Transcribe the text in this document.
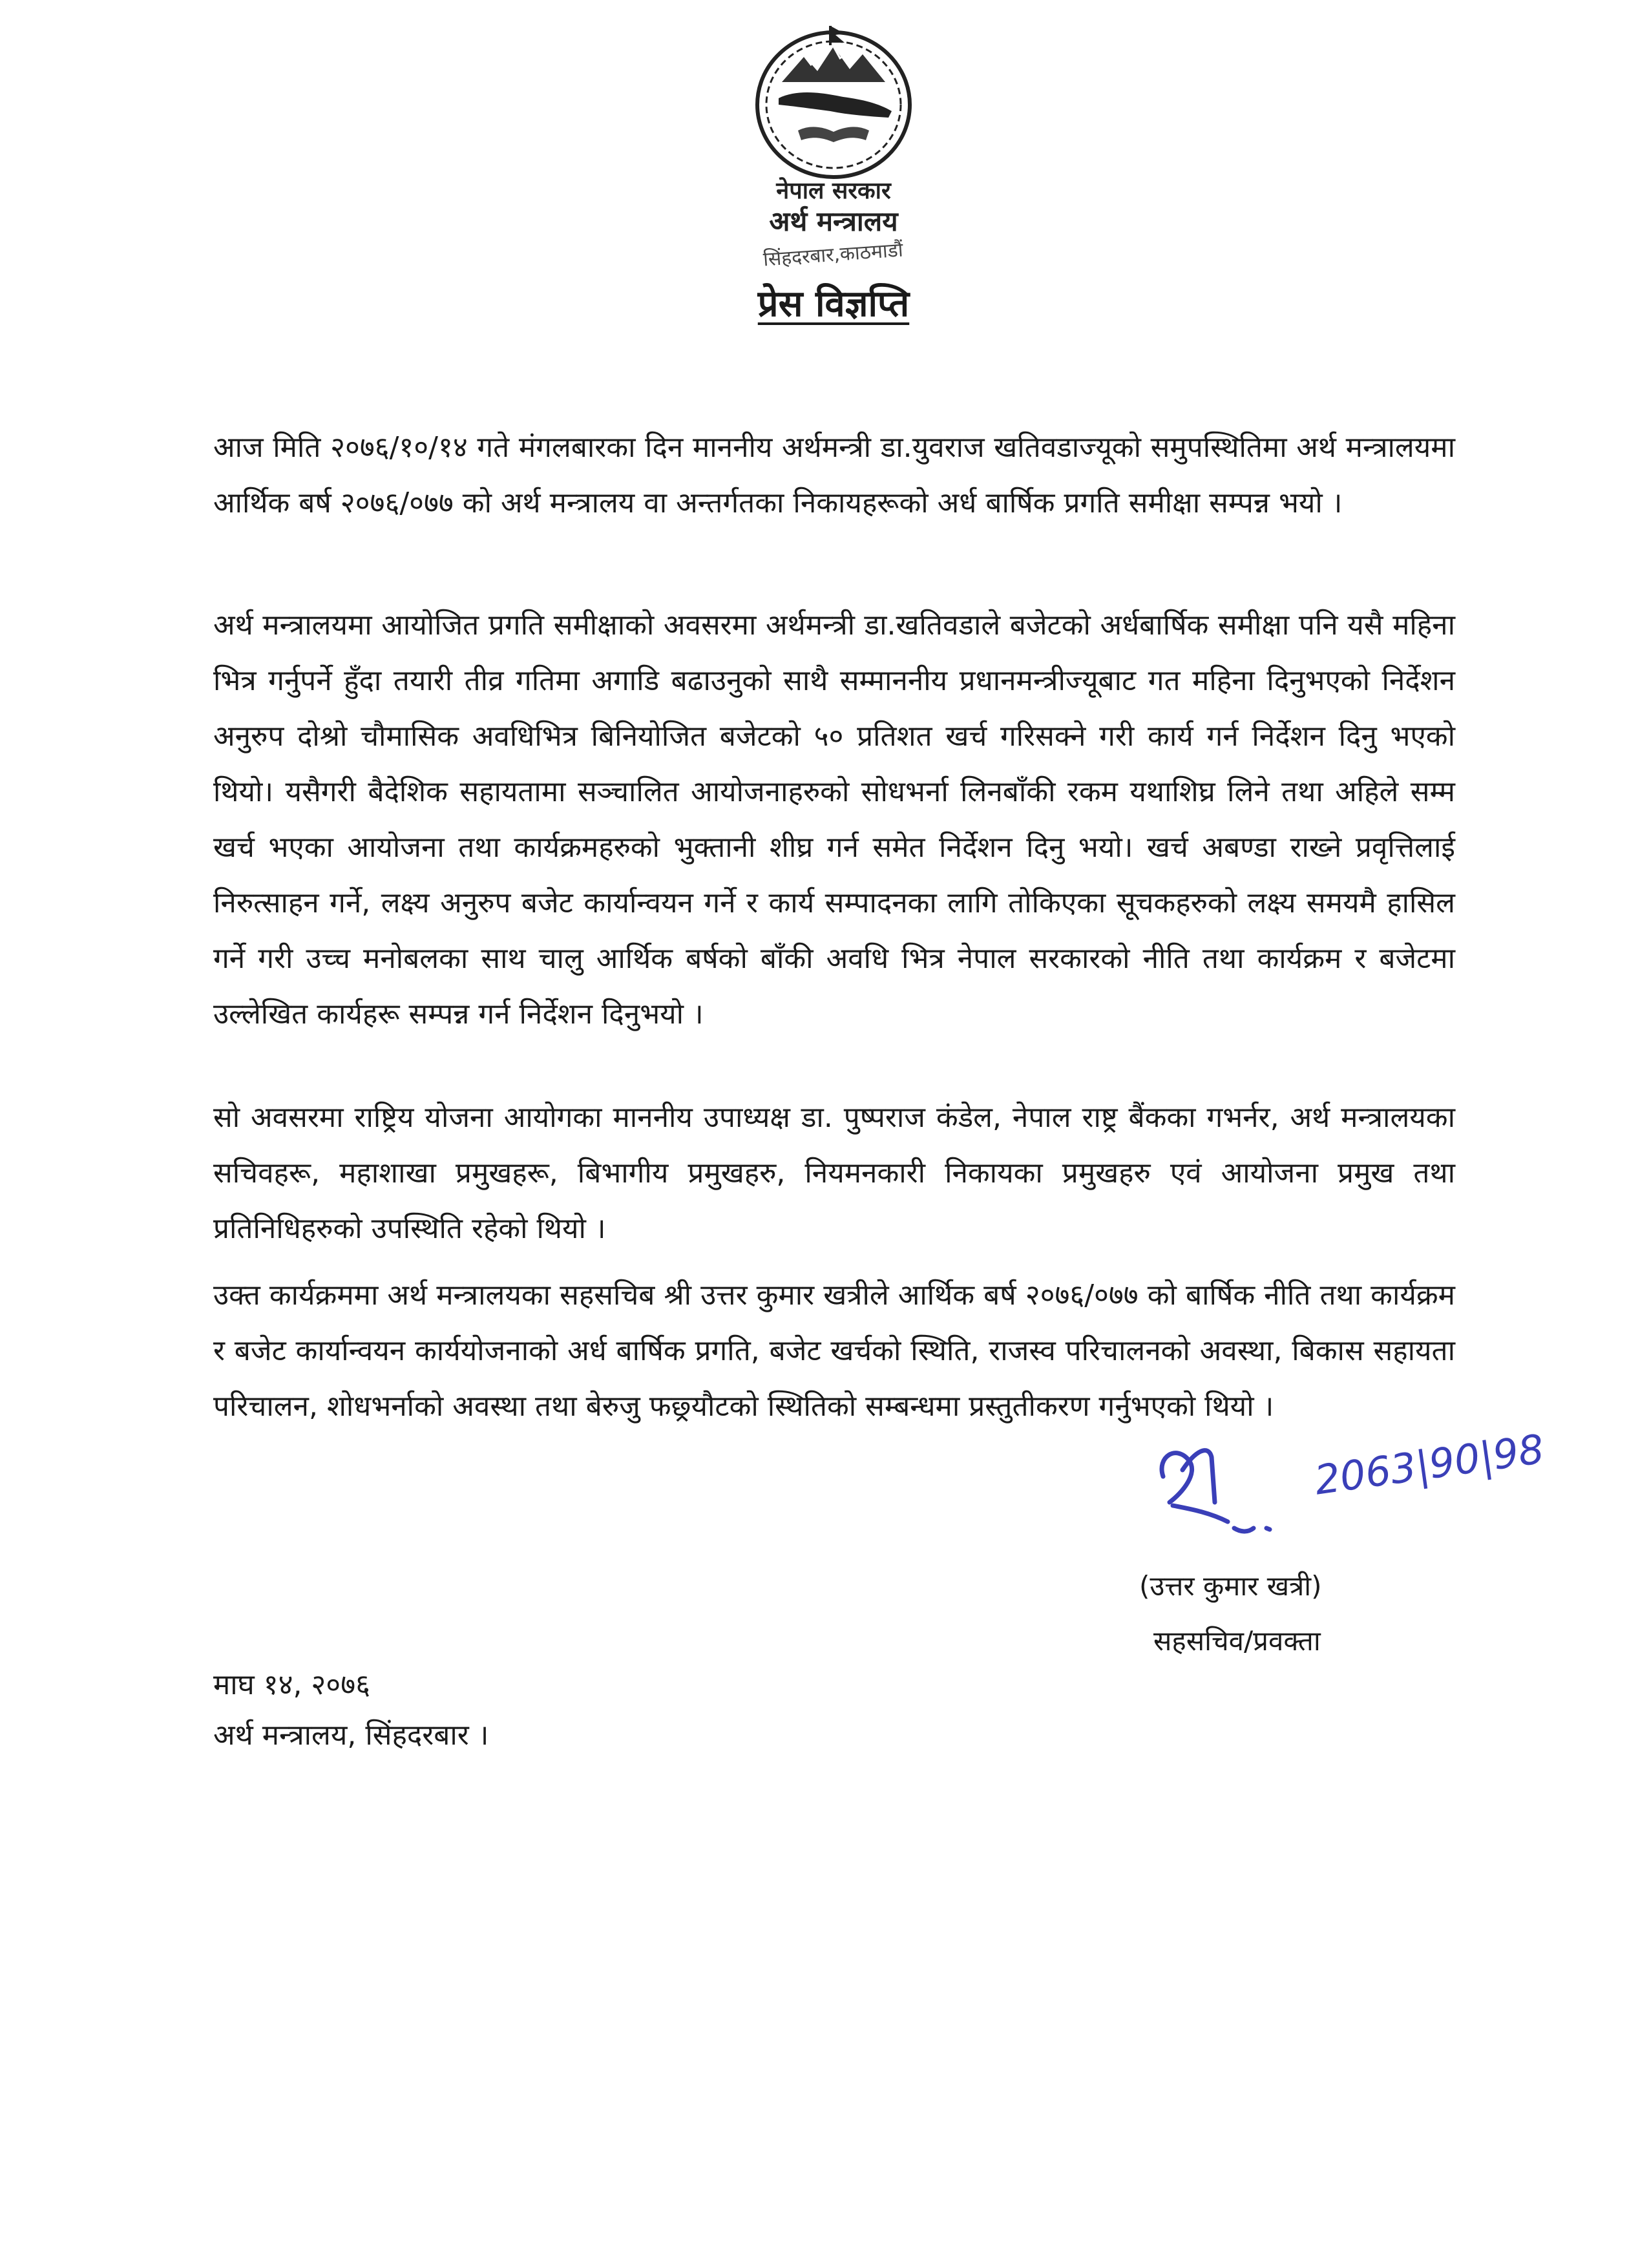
नेपाल सरकार
अर्थ मन्त्रालय
सिंहदरबार,काठमाडौं
प्रेस विज्ञप्ति
आज मिति २०७६/१०/१४ गते मंगलबारका दिन माननीय अर्थमन्त्री डा.युवराज खतिवडाज्यूको समुपस्थितिमा अर्थ मन्त्रालयमा आर्थिक बर्ष २०७६/०७७ को अर्थ मन्त्रालय वा अन्तर्गतका निकायहरूको अर्ध बार्षिक प्रगति समीक्षा सम्पन्न भयो ।
अर्थ मन्त्रालयमा आयोजित प्रगति समीक्षाको अवसरमा अर्थमन्त्री डा.खतिवडाले बजेटको अर्धबार्षिक समीक्षा पनि यसै महिना भित्र गर्नुपर्ने हुँदा तयारी तीव्र गतिमा अगाडि बढाउनुको साथै सम्माननीय प्रधानमन्त्रीज्यूबाट गत महिना दिनुभएको निर्देशन अनुरुप दोश्रो चौमासिक अवधिभित्र बिनियोजित बजेटको ५० प्रतिशत खर्च गरिसक्ने गरी कार्य गर्न निर्देशन दिनु भएको थियो। यसैगरी बैदेशिक सहायतामा सञ्चालित आयोजनाहरुको सोधभर्ना लिनबाँकी रकम यथाशिघ्र लिने तथा अहिले सम्म खर्च भएका आयोजना तथा कार्यक्रमहरुको भुक्तानी शीघ्र गर्न समेत निर्देशन दिनु भयो। खर्च अबण्डा राख्ने प्रवृत्तिलाई निरुत्साहन गर्ने, लक्ष्य अनुरुप बजेट कार्यान्वयन गर्ने र कार्य सम्पादनका लागि तोकिएका सूचकहरुको लक्ष्य समयमै हासिल गर्ने गरी उच्च मनोबलका साथ चालु आर्थिक बर्षको बाँकी अवधि भित्र नेपाल सरकारको नीति तथा कार्यक्रम र बजेटमा उल्लेखित कार्यहरू सम्पन्न गर्न निर्देशन दिनुभयो ।
सो अवसरमा राष्ट्रिय योजना आयोगका माननीय उपाध्यक्ष डा. पुष्पराज कंडेल, नेपाल राष्ट्र बैंकका गभर्नर, अर्थ मन्त्रालयका सचिवहरू, महाशाखा प्रमुखहरू, बिभागीय प्रमुखहरु, नियमनकारी निकायका प्रमुखहरु एवं आयोजना प्रमुख तथा प्रतिनिधिहरुको उपस्थिति रहेको थियो ।
उक्त कार्यक्रममा अर्थ मन्त्रालयका सहसचिब श्री उत्तर कुमार खत्रीले आर्थिक बर्ष २०७६/०७७ को बार्षिक नीति तथा कार्यक्रम र बजेट कार्यान्वयन कार्ययोजनाको अर्ध बार्षिक प्रगति, बजेट खर्चको स्थिति, राजस्व परिचालनको अवस्था, बिकास सहायता परिचालन, शोधभर्नाको अवस्था तथा बेरुजु फछ्र्यौटको स्थितिको सम्बन्धमा प्रस्तुतीकरण गर्नुभएको थियो ।
2063|90|98
(उत्तर कुमार खत्री)
सहसचिव/प्रवक्ता
माघ १४, २०७६
अर्थ मन्त्रालय, सिंहदरबार ।
